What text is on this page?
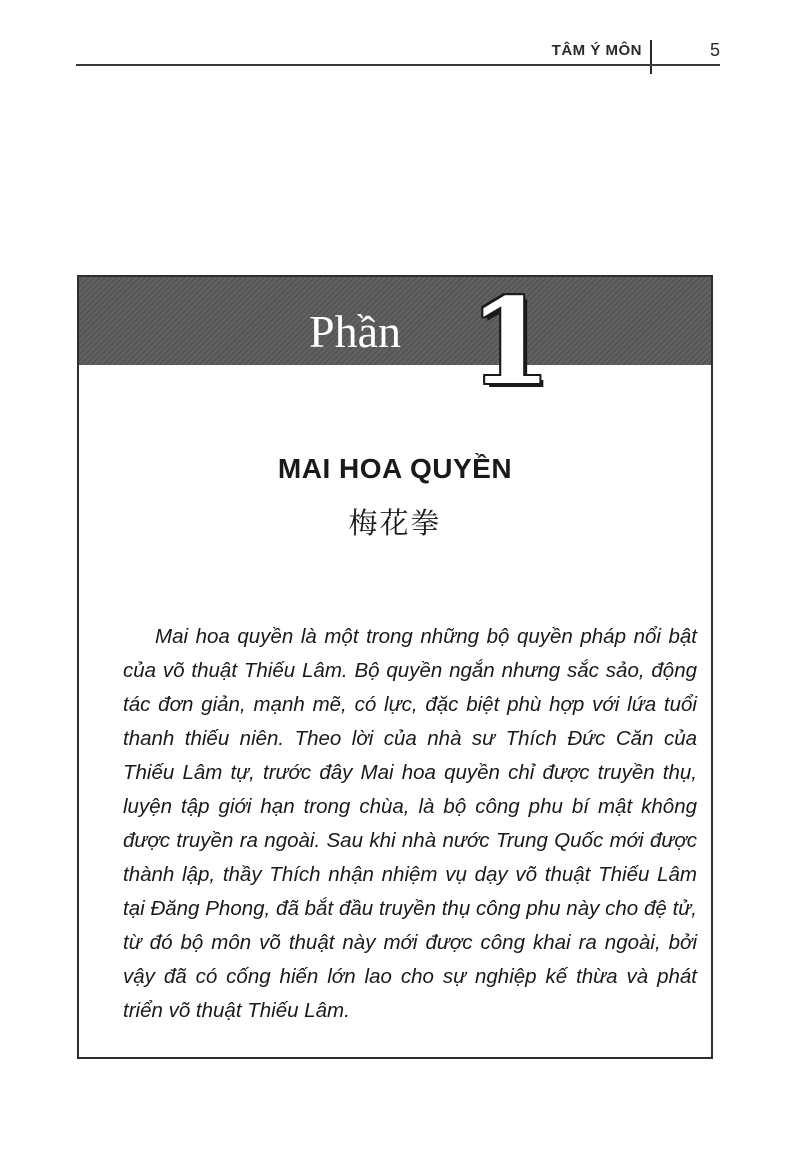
TÂM Ý MÔN	5
Phần 1
MAI HOA QUYỀN
梅花拳

Mai hoa quyền là một trong những bộ quyền pháp nổi bật của võ thuật Thiếu Lâm. Bộ quyền ngắn nhưng sắc sảo, động tác đơn giản, mạnh mẽ, có lực, đặc biệt phù hợp với lứa tuổi thanh thiếu niên. Theo lời của nhà sư Thích Đức Căn của Thiếu Lâm tự, trước đây Mai hoa quyền chỉ được truyền thụ, luyện tập giới hạn trong chùa, là bộ công phu bí mật không được truyền ra ngoài. Sau khi nhà nước Trung Quốc mới được thành lập, thầy Thích nhận nhiệm vụ dạy võ thuật Thiếu Lâm tại Đăng Phong, đã bắt đầu truyền thụ công phu này cho đệ tử, từ đó bộ môn võ thuật này mới được công khai ra ngoài, bởi vậy đã có cống hiến lớn lao cho sự nghiệp kế thừa và phát triển võ thuật Thiếu Lâm.
